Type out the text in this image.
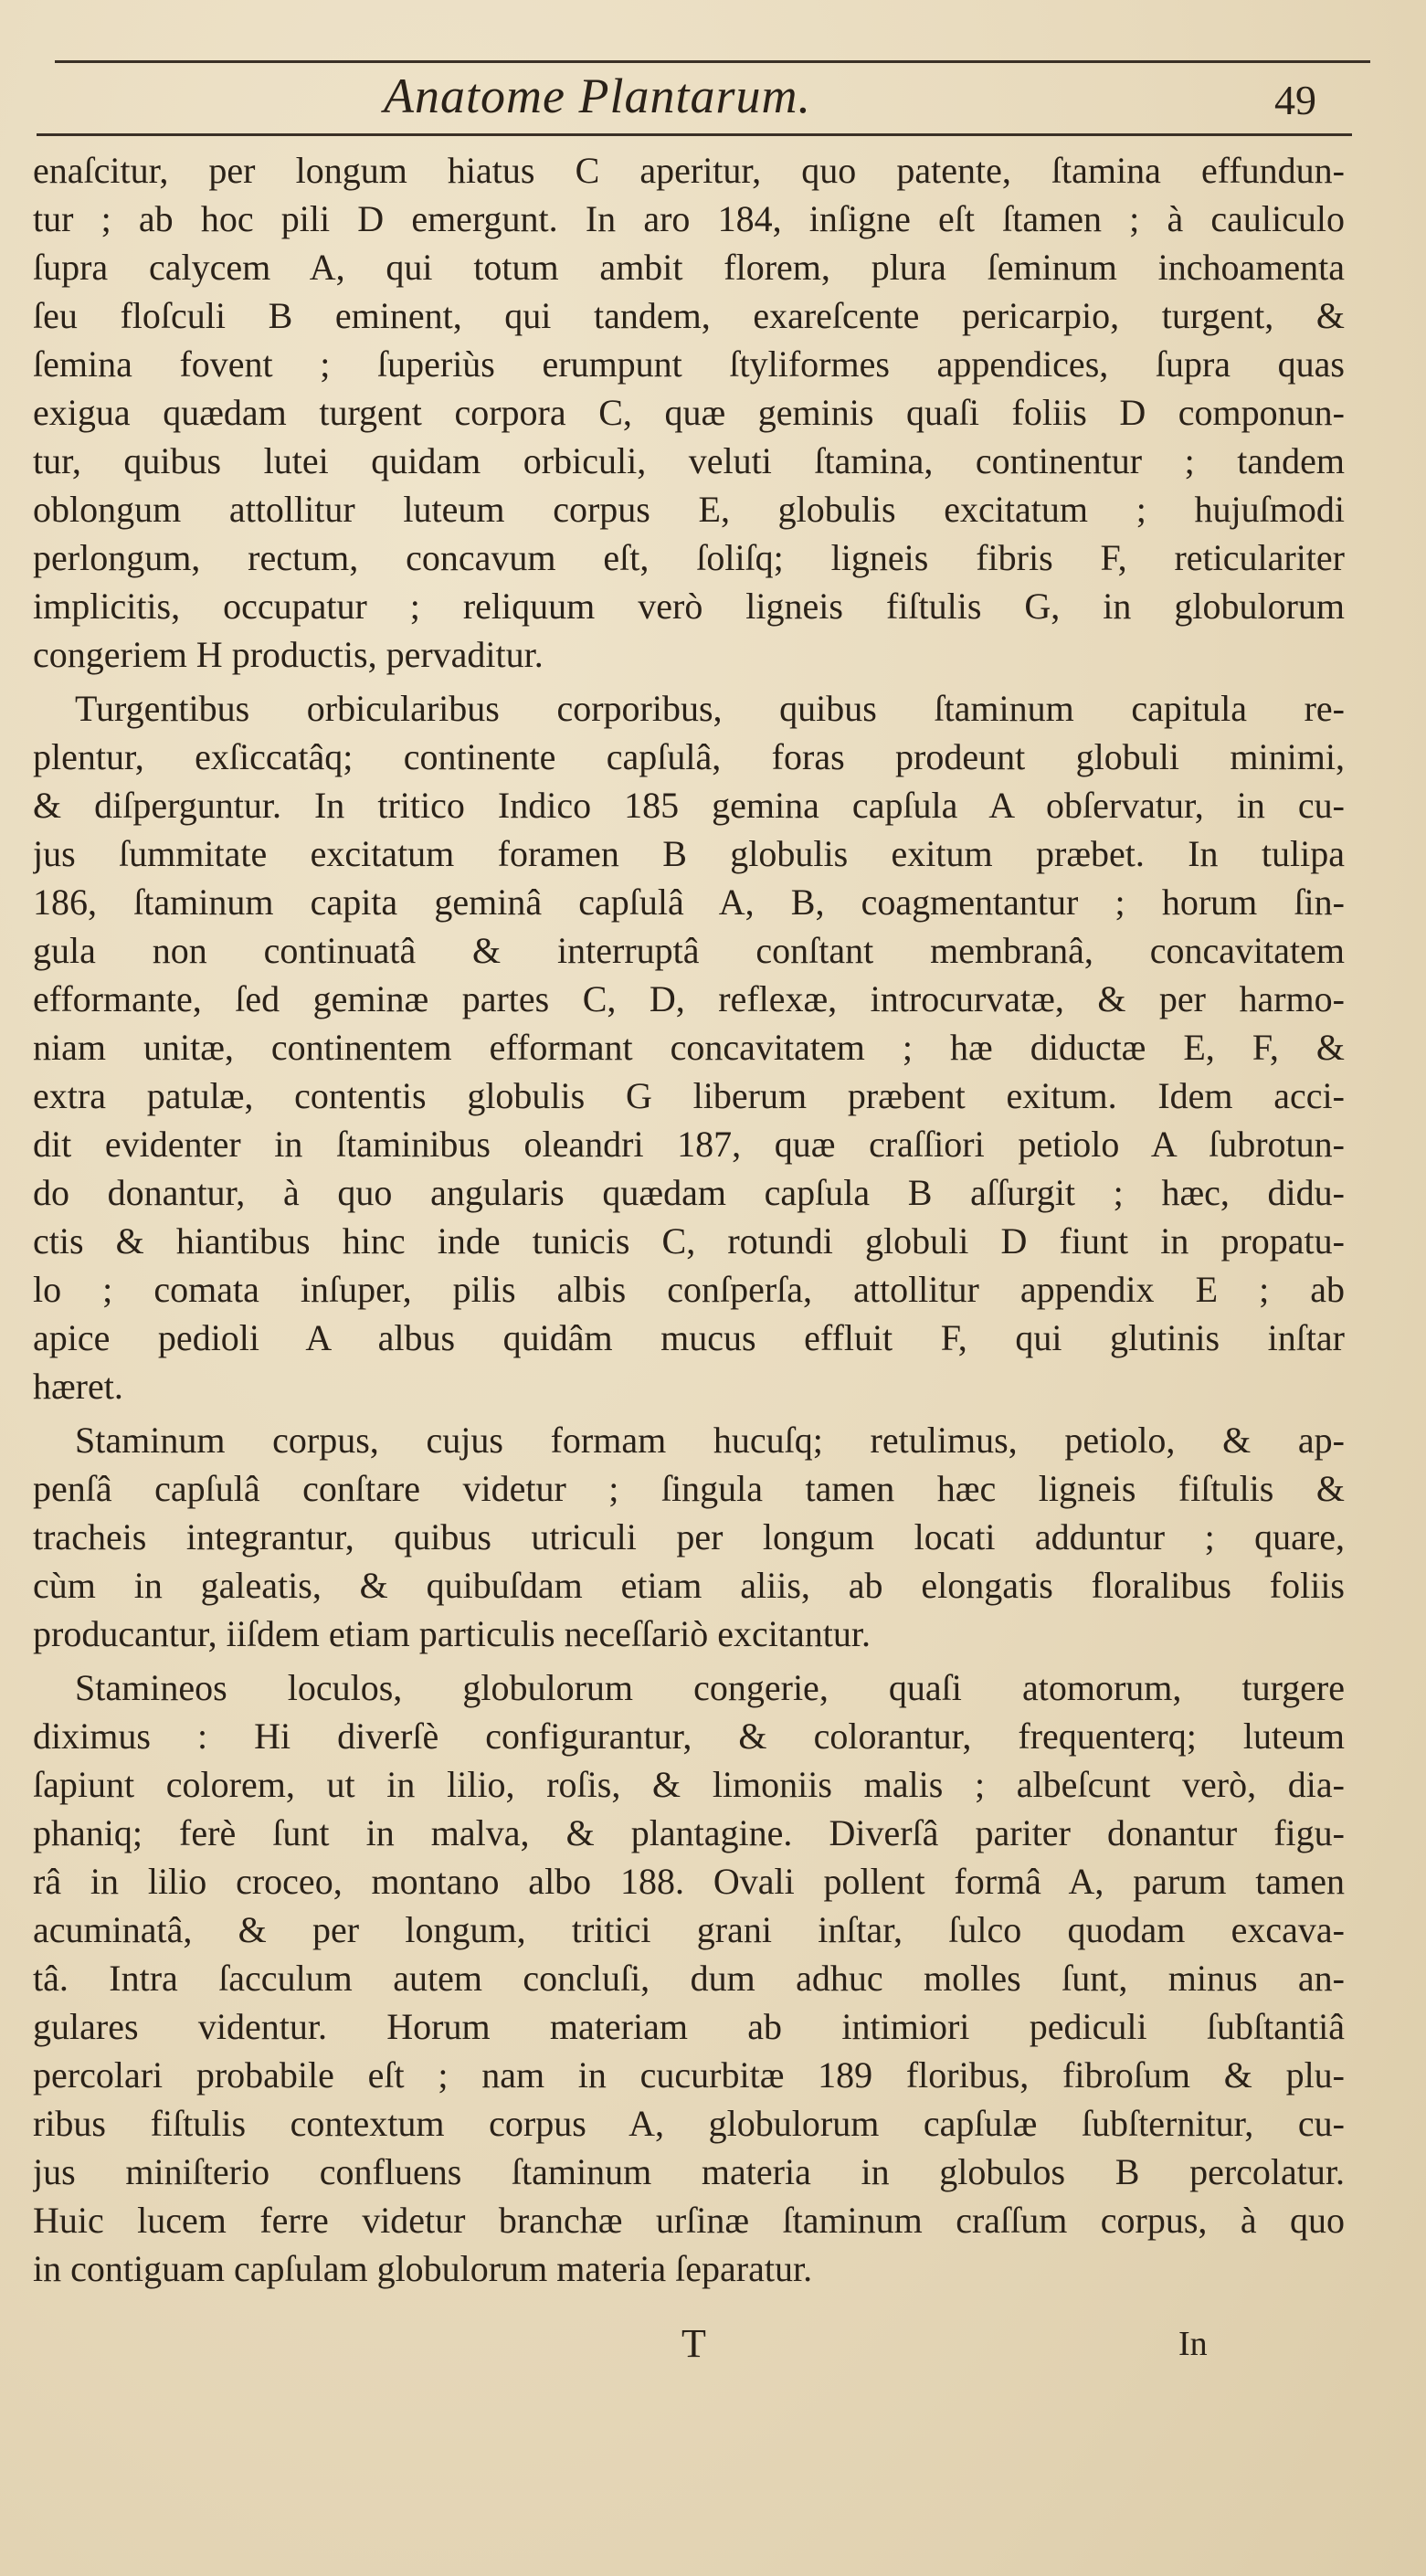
Anatome Plantarum.	49
enaſcitur, per longum hiatus C aperitur, quo patente, ſtamina effundun-
tur ; ab hoc pili D emergunt. In aro 184, inſigne eſt ſtamen ; à cauliculo
ſupra calycem A, qui totum ambit florem, plura ſeminum inchoamenta
ſeu floſculi B eminent, qui tandem, exareſcente pericarpio, turgent, &
ſemina fovent ; ſuperiùs erumpunt ſtyliformes appendices, ſupra quas
exigua quædam turgent corpora C, quæ geminis quaſi foliis D componun-
tur, quibus lutei quidam orbiculi, veluti ſtamina, continentur ; tandem
oblongum attollitur luteum corpus E, globulis excitatum ; hujuſmodi
perlongum, rectum, concavum eſt, ſoliſq; ligneis fibris F, reticulariter
implicitis, occupatur ; reliquum verò ligneis fiſtulis G, in globulorum
congeriem H productis, pervaditur.
Turgentibus orbicularibus corporibus, quibus ſtaminum capitula re-
plentur, exſiccatâq; continente capſulâ, foras prodeunt globuli minimi,
& diſperguntur. In tritico Indico 185 gemina capſula A obſervatur, in cu-
jus ſummitate excitatum foramen B globulis exitum præbet. In tulipa
186, ſtaminum capita geminâ capſulâ A, B, coagmentantur ; horum ſin-
gula non continuatâ & interruptâ conſtant membranâ, concavitatem
efformante, ſed geminæ partes C, D, reflexæ, introcurvatæ, & per harmo-
niam unitæ, continentem efformant concavitatem ; hæ diductæ E, F, &
extra patulæ, contentis globulis G liberum præbent exitum. Idem acci-
dit evidenter in ſtaminibus oleandri 187, quæ craſſiori petiolo A ſubrotun-
do donantur, à quo angularis quædam capſula B aſſurgit ; hæc, didu-
ctis & hiantibus hinc inde tunicis C, rotundi globuli D fiunt in propatu-
lo ; comata inſuper, pilis albis conſperſa, attollitur appendix E ; ab
apice pedioli A albus quidâm mucus effluit F, qui glutinis inſtar
hæret.
Staminum corpus, cujus formam hucuſq; retulimus, petiolo, & ap-
penſâ capſulâ conſtare videtur ; ſingula tamen hæc ligneis fiſtulis &
tracheis integrantur, quibus utriculi per longum locati adduntur ; quare,
cùm in galeatis, & quibuſdam etiam aliis, ab elongatis floralibus foliis
producantur, iiſdem etiam particulis neceſſariò excitantur.
Stamineos loculos, globulorum congerie, quaſi atomorum, turgere
diximus : Hi diverſè configurantur, & colorantur, frequenterq; luteum
ſapiunt colorem, ut in lilio, roſis, & limoniis malis ; albeſcunt verò, dia-
phaniq; ferè ſunt in malva, & plantagine. Diverſâ pariter donantur figu-
râ in lilio croceo, montano albo 188. Ovali pollent formâ A, parum tamen
acuminatâ, & per longum, tritici grani inſtar, ſulco quodam excava-
tâ. Intra ſacculum autem concluſi, dum adhuc molles ſunt, minus an-
gulares videntur. Horum materiam ab intimiori pediculi ſubſtantiâ
percolari probabile eſt ; nam in cucurbitæ 189 floribus, fibroſum & plu-
ribus fiſtulis contextum corpus A, globulorum capſulæ ſubſternitur, cu-
jus miniſterio confluens ſtaminum materia in globulos B percolatur.
Huic lucem ferre videtur branchæ urſinæ ſtaminum craſſum corpus, à quo
in contiguam capſulam globulorum materia ſeparatur.
T	In
